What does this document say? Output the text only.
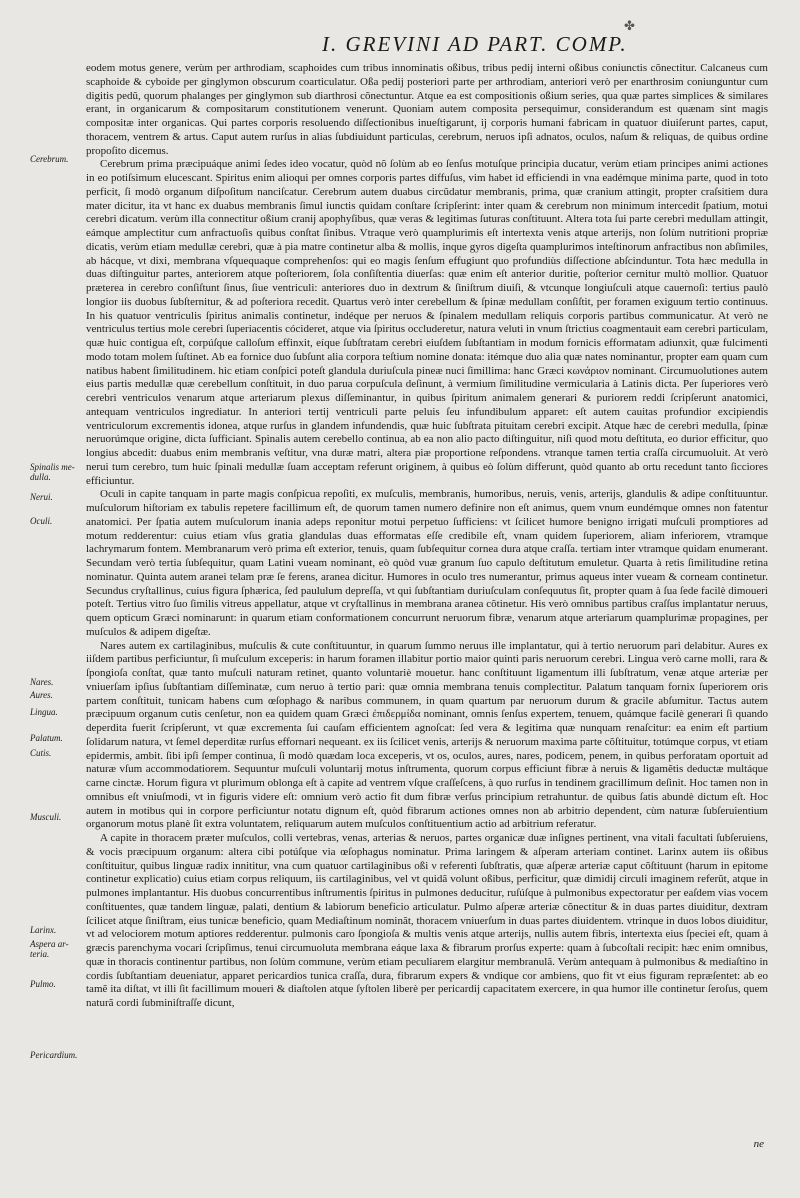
I. GREVINI AD PART. COMP.
✤
Cerebrum.
Spinalis me-dulla.
Nerui.
Oculi.
Nares.
Aures.
Lingua.
Palatum.
Cutis.
Musculi.
Larinx.
Aspera ar-teria.
Pulmo.
Pericardium.

eodem motus genere, verùm per arthrodiam, scaphoides cum tribus innominatis oßibus, tribus pedij interni oßibus coniunctis cõnectitur. Calcaneus cum scaphoide & cyboide per ginglymon obscurum coarticulatur. Oßa pedij posteriori parte per arthrodiam, anteriori verò per enarthrosim coniunguntur cum digitis pedũ, quorum phalanges per ginglymon sub diarthrosi cõnectuntur. Atque ea est compositionis oßium series, qua quæ partes simplices & similares erant, in organicarum & compositarum constitutionem venerunt. Quoniam autem composita persequimur, considerandum est quænam sint magis compositæ inter organicas. Qui partes corporis resoluendo diſſectionibus inueſtigarunt, ij corporis humani fabricam in quatuor diuiſerunt partes, caput, thoracem, ventrem & artus. Caput autem rurſus in alias ſubdiuidunt particulas, cerebrum, neruos ipſi adnatos, oculos, naſum & reliquas, de quibus ordine propoſito dicemus.

Cerebrum prima præcipuáque animi ſedes ideo vocatur, quòd nõ ſolùm ab eo ſenſus motuſque principia ducatur, verùm etiam principes animi actiones in eo potiſsimum elucescant. Spiritus enim alioqui per omnes corporis partes diffuſus, vim habet id efficiendi in vna eadémque minima parte, quod in toto perficit, ſi modò organum diſpoſitum nanciſcatur. Cerebrum autem duabus circũdatur membranis, prima, quæ cranium attingit, propter craſsitiem dura mater dicitur, ita vt hanc ex duabus membranis ſimul iunctis quidam conſtare ſcripſerint: inter quam & cerebrum non minimum intercedit ſpatium, motui cerebri dicatum. verùm illa connectitur oßium cranij apophyſibus, quæ veras & legitimas ſuturas conſtituunt. Altera tota ſui parte cerebri medullam attingit, eámque amplectitur cum anfractuoſis quibus conſtat ſinibus. Vtraque verò quamplurimis eſt intertexta venis atque arterijs, non ſolùm nutritioni propriæ dicatis, verùm etiam medullæ cerebri, quæ à pia matre continetur alba & mollis, inque gyros digeſta quamplurimos inteſtinorum anfractibus non abſimiles, ab hácque, vt dixi, membrana vſquequaque comprehenſos: qui eo magis ſenſum effugiunt quo profundiùs diſſectione abſcinduntur. Tota hæc medulla in duas diſtinguitur partes, anteriorem atque poſteriorem, ſola conſiſtentia diuerſas: quæ enim eſt anterior duritie, poſterior cernitur multò mollior. Quatuor præterea in cerebro conſiſtunt ſinus, ſiue ventriculi: anteriores duo in dextrum & ſiniſtrum diuiſi, & vtcunque longiuſculi atque cauernoſi: tertius paulò longior iis duobus ſubſternitur, & ad poſteriora recedit. Quartus verò inter cerebellum & ſpinæ medullam conſiſtit, per foramen exiguum tertio continuus. In his quatuor ventriculis ſpiritus animalis continetur, indéque per neruos & ſpinalem medullam reliquis corporis partibus communicatur. At verò ne ventriculus tertius mole cerebri ſuperiacentis cócideret, atque via ſpiritus occluderetur, natura veluti in vnum ſtrictius coagmentauit eam cerebri particulam, quæ huic contigua eſt, corpúſque calloſum effinxit, eíque ſubſtratam cerebri eiuſdem ſubſtantiam in modum fornicis efformatam adiunxit, quæ fulcimenti modo totam molem ſuſtinet. Ab ea fornice duo ſubſunt alia corpora teſtium nomine donata: itémque duo alia quæ nates nominantur, propter eam quam cum natibus habent ſimilitudinem. hic etiam conſpici poteſt glandula duriuſcula pineæ nuci ſimillima: hanc Græci κωνάριον nominant. Circumuolutiones autem eius partis medullæ quæ cerebellum conſtituit, in duo parua corpuſcula deſinunt, à vermium ſimilitudine vermicularia à Latinis dicta. Per ſuperiores verò cerebri ventriculos venarum atque arteriarum plexus diſſeminantur, in quibus ſpiritum animalem generari & puriorem reddi ſcripſerunt anatomici, antequam ventriculos ingrediatur. In anteriori tertij ventriculi parte peluis ſeu infundibulum apparet: eſt autem cauitas profundior excipiendis ventriculorum excrementis idonea, atque rurſus in glandem infundendis, quæ huic ſubſtrata pituitam cerebri excipit. Atque hæc de cerebri medulla, ſpinæ neruorúmque origine, dicta ſufficiant. Spinalis autem cerebello continua, ab ea non alio pacto diſtinguitur, niſi quod motu deſtituta, eo durior efficitur, quo longius abcedit: duabus enim membranis veſtitur, vna duræ matri, altera piæ proportione reſpondens. vtranque tamen tertia craſſa circumuoluit. At verò nerui tum cerebro, tum huic ſpinali medullæ ſuam acceptam referunt originem, à quibus eò ſolùm differunt, quòd quanto ab ortu recedunt tanto ſicciores efficiuntur.

Oculi in capite tanquam in parte magis conſpicua repoſiti, ex muſculis, membranis, humoribus, neruis, venis, arterijs, glandulis & adipe conſtituuntur. muſculorum hiſtoriam ex tabulis repetere facillimum eſt, de quorum tamen numero definire non eſt animus, quem vnum eundémque omnes non fatentur anatomici. Per ſpatia autem muſculorum inania adeps reponitur motui perpetuo ſufficiens: vt ſcilicet humore benigno irrigati muſculi promptiores ad motum redderentur: cuius etiam vſus gratia glandulas duas efformatas eſſe credibile eſt, vnam quidem ſuperiorem, aliam inferiorem, vtramque lachrymarum fontem. Membranarum verò prima eſt exterior, tenuis, quam ſubſequitur cornea dura atque craſſa. tertiam inter vtramque quidam enumerant. Secundam verò tertia ſubſequitur, quam Latini vueam nominant, eò quòd vuæ granum ſuo capulo deſtitutum emuletur. Quarta à retis ſimilitudine retina nominatur. Quinta autem aranei telam præ ſe ferens, aranea dicitur. Humores in oculo tres numerantur, primus aqueus inter vueam & corneam continetur. Secundus cryſtallinus, cuius figura ſphærica, ſed paululum depreſſa, vt qui ſubſtantiam duriuſculam conſequutus ſit, propter quam à ſua ſede facilè dimoueri poteſt. Tertius vitro ſuo ſimilis vitreus appellatur, atque vt cryſtallinus in membrana aranea cõtinetur. His verò omnibus partibus craſſus implantatur neruus, quem opticum Græci nominarunt: in quarum etiam conformationem concurrunt neruorum fibræ, venarum atque arteriarum quamplurimæ propagines, per muſculos & adipem digeſtæ.

Nares autem ex cartilaginibus, muſculis & cute conſtituuntur, in quarum ſummo neruus ille implantatur, qui à tertio neruorum pari delabitur. Aures ex iiſdem partibus perficiuntur, ſi muſculum exceperis: in harum foramen illabitur portio maior quinti paris neruorum cerebri. Lingua verò carne molli, rara & ſpongioſa conſtat, quæ tanto muſculi naturam retinet, quanto voluntariè mouetur. hanc conſtituunt ligamentum illi ſubſtratum, venæ atque arteriæ per vniuerſam ipſius ſubſtantiam diſſeminatæ, cum neruo à tertio pari: quæ omnia membrana tenuis complectitur. Palatum tanquam fornix ſuperiorem oris partem conſtituit, tunicam habens cum œſophago & naribus communem, in quam quartum par neruorum durum & gracile abſumitur. Tactus autem præcipuum organum cutis cenſetur, non ea quidem quam Græci ἐπιδερμίδα nominant, omnis ſenſus expertem, tenuem, quámque facilè generari ſi quando deperdita fuerit ſcripſerunt, vt quæ excrementa ſui cauſam efficientem agnoſcat: ſed vera & legitima quæ nunquam renaſcitur: ea enim eſt partium ſolidarum natura, vt ſemel deperditæ rurſus effornari nequeant. ex iis ſcilicet venis, arterijs & neruorum maxima parte cõſtituitur, totúmque corpus, vt etiam epidermis, ambit. ſibi ipſi ſemper continua, ſi modò quædam loca exceperis, vt os, oculos, aures, nares, podicem, penem, in quibus perforatam oportuit ad naturæ vſum accommodatiorem. Sequuntur muſculi voluntarij motus inſtrumenta, quorum corpus efficiunt fibræ à neruis & ligamẽtis deductæ multáque carne cinctæ. Horum figura vt plurimum oblonga eſt à capite ad ventrem vſque craſſeſcens, à quo rurſus in tendinem gracillimum deſinit. Hoc tamen non in omnibus eſt vniuſmodi, vt in figuris videre eſt: omnium verò actio fit dum fibræ verſus principium retrahuntur. de quibus ſatis abundè dictum eſt. Hoc autem in motibus qui in corpore perficiuntur notatu dignum eſt, quòd fibrarum actiones omnes non ab arbitrio dependent, cùm naturæ ſubſeruientium organorum motus planè ſit extra voluntatem, reliquarum autem muſculos conſtituentium actio ad arbitrium referatur.

A capite in thoracem præter muſculos, colli vertebras, venas, arterias & neruos, partes organicæ duæ inſignes pertinent, vna vitali facultati ſubſeruiens, & vocis præcipuum organum: altera cibi potúſque via œſophagus nominatur. Prima laringem & aſperam arteriam continet. Larinx autem iis oßibus conſtituitur, quibus linguæ radix innititur, vna cum quatuor cartilaginibus oßi ν referenti ſubſtratis, quæ aſperæ arteriæ caput cõſtituunt (harum in epitome continetur explicatio) cuius etiam corpus reliquum, iis cartilaginibus, vel vt quidã volunt oßibus, perficitur, quæ dimidij circuli imaginem referũt, atque in pulmones implantantur. His duobus concurrentibus inſtrumentis ſpiritus in pulmones deducitur, ruſúſque à pulmonibus expectoratur per eaſdem vias vocem conſtituentes, quæ tandem linguæ, palati, dentium & labiorum beneficio articulatur. Pulmo aſperæ arteriæ cõnectitur & in duas partes diuiditur, dextram ſcilicet atque ſiniſtram, eius tunicæ beneficio, quam Mediaſtinum nominãt, thoracem vniuerſum in duas partes diuidentem. vtrinque in duos lobos diuiditur, vt ad velociorem motum aptiores redderentur. pulmonis caro ſpongioſa & multis venis atque arterijs, nullis autem fibris, intertexta eius ſpeciei eſt, quam à græcis parenchyma vocari ſcripſimus, tenui circumuoluta membrana eáque laxa & fibrarum prorſus experte: quam à ſubcoſtali recipit: hæc enim omnibus, quæ in thoracis continentur partibus, non ſolùm commune, verùm etiam peculiarem elargitur membranulã. Verùm antequam à pulmonibus & mediaſtino in cordis ſubſtantiam deueniatur, apparet pericardios tunica craſſa, dura, fibrarum expers & vndique cor ambiens, quo fit vt eius figuram repræſentet: ab eo tamẽ ita diſtat, vt illi ſit facillimum moueri & diaſtolen atque ſyſtolen liberè per pericardij capacitatem exercere, in qua humor ille continetur ſeroſus, quem naturã cordi ſubminiſtraſſe dicunt,

ne
